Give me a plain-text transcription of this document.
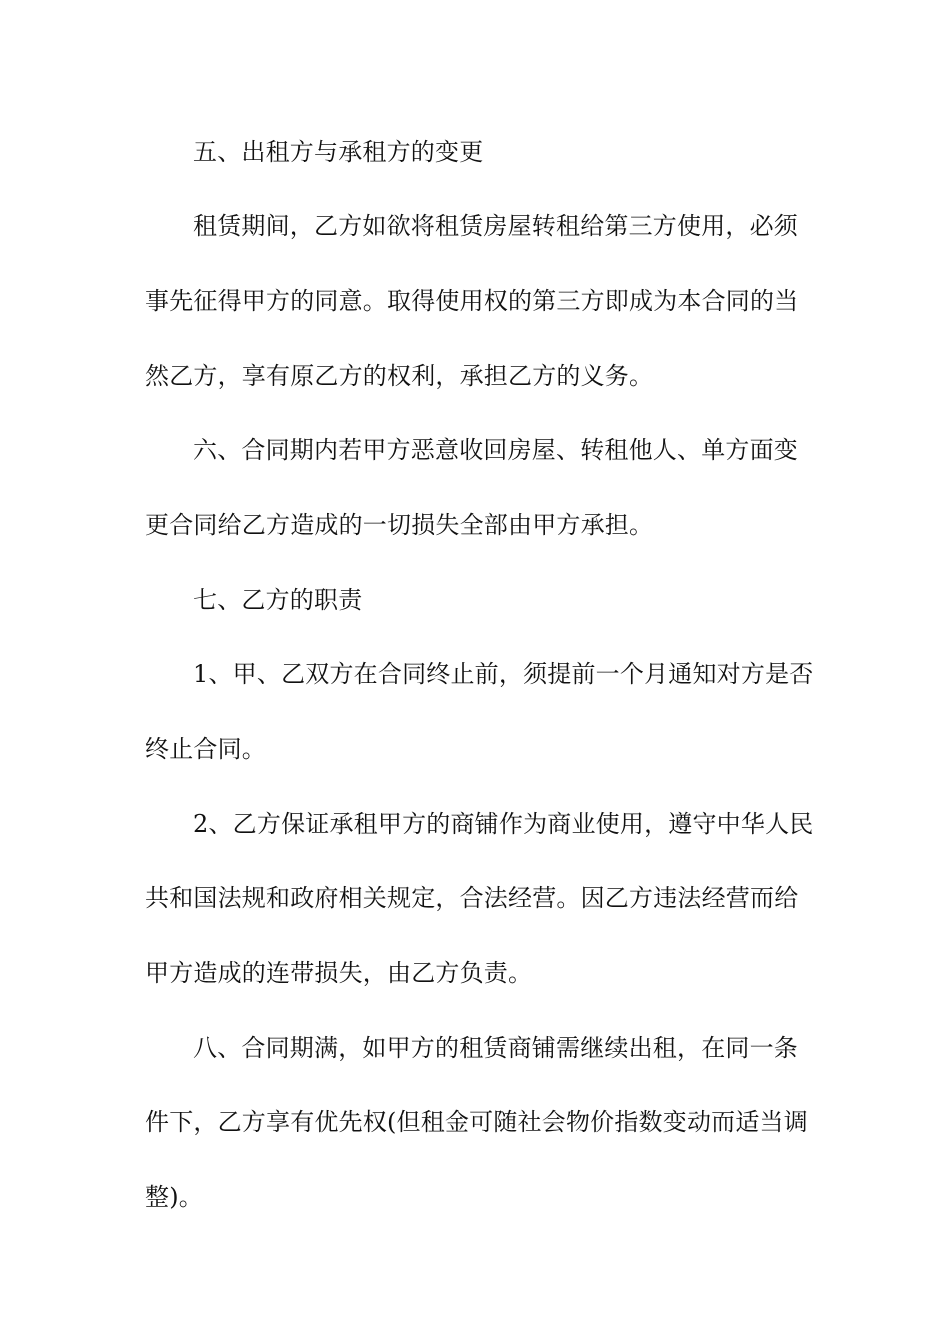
五、出租方与承租方的变更

租赁期间，乙方如欲将租赁房屋转租给第三方使用，必须

事先征得甲方的同意。取得使用权的第三方即成为本合同的当

然乙方，享有原乙方的权利，承担乙方的义务。

六、合同期内若甲方恶意收回房屋、转租他人、单方面变

更合同给乙方造成的一切损失全部由甲方承担。

七、乙方的职责

1、甲、乙双方在合同终止前，须提前一个月通知对方是否

终止合同。

2、乙方保证承租甲方的商铺作为商业使用，遵守中华人民

共和国法规和政府相关规定，合法经营。因乙方违法经营而给

甲方造成的连带损失，由乙方负责。

八、合同期满，如甲方的租赁商铺需继续出租，在同一条

件下，乙方享有优先权(但租金可随社会物价指数变动而适当调

整)。
